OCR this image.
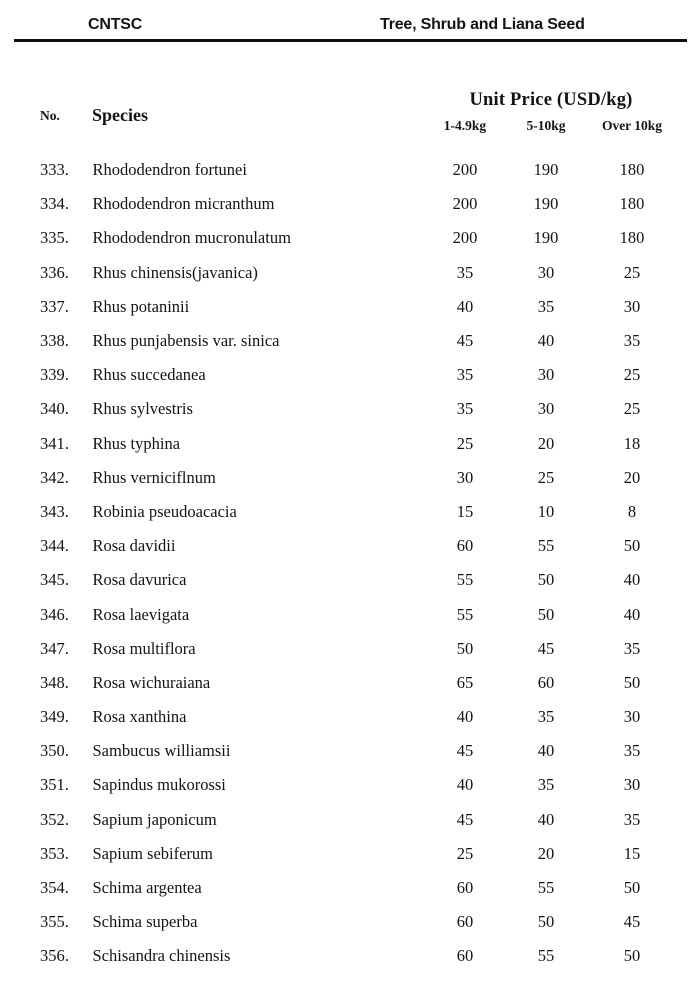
CNTSC	Tree, Shrub and Liana Seed
No.	Species
Unit Price (USD/kg)
1-4.9kg	5-10kg	Over 10kg
333.	Rhododendron fortunei	200	190	180
334.	Rhododendron micranthum	200	190	180
335.	Rhododendron mucronulatum	200	190	180
336.	Rhus chinensis(javanica)	35	30	25
337.	Rhus potaninii	40	35	30
338.	Rhus punjabensis var. sinica	45	40	35
339.	Rhus succedanea	35	30	25
340.	Rhus sylvestris	35	30	25
341.	Rhus typhina	25	20	18
342.	Rhus verniciflnum	30	25	20
343.	Robinia pseudoacacia	15	10	8
344.	Rosa davidii	60	55	50
345.	Rosa davurica	55	50	40
346.	Rosa laevigata	55	50	40
347.	Rosa multiflora	50	45	35
348.	Rosa wichuraiana	65	60	50
349.	Rosa xanthina	40	35	30
350.	Sambucus williamsii	45	40	35
351.	Sapindus mukorossi	40	35	30
352.	Sapium japonicum	45	40	35
353.	Sapium sebiferum	25	20	15
354.	Schima argentea	60	55	50
355.	Schima superba	60	50	45
356.	Schisandra chinensis	60	55	50
